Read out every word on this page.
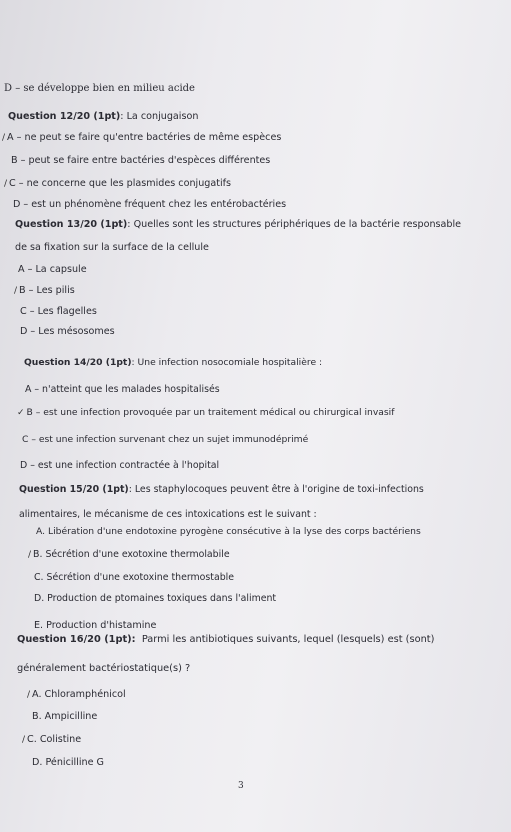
D – se développe bien en milieu acide
Question 12/20 (1pt): La conjugaison
/ A – ne peut se faire qu'entre bactéries de même espèces
B – peut se faire entre bactéries d'espèces différentes
/ C – ne concerne que les plasmides conjugatifs
D – est un phénomène fréquent chez les entérobactéries
Question 13/20 (1pt): Quelles sont les structures périphériques de la bactérie responsable
de sa fixation sur la surface de la cellule
A – La capsule
/ B – Les pilis
C – Les flagelles
D – Les mésosomes
Question 14/20 (1pt): Une infection nosocomiale hospitalière :
A – n'atteint que les malades hospitalisés
✓ B – est une infection provoquée par un traitement médical ou chirurgical invasif
C – est une infection survenant chez un sujet immunodéprimé
D – est une infection contractée à l'hopital
Question 15/20 (1pt): Les staphylocoques peuvent être à l'origine de toxi-infections
alimentaires, le mécanisme de ces intoxications est le suivant :
A. Libération d'une endotoxine pyrogène consécutive à la lyse des corps bactériens
/ B. Sécrétion d'une exotoxine thermolabile
C. Sécrétion d'une exotoxine thermostable
D. Production de ptomaines toxiques dans l'aliment
E. Production d'histamine
Question 16/20 (1pt): Parmi les antibiotiques suivants, lequel (lesquels) est (sont)
généralement bactériostatique(s) ?
/ A. Chloramphénicol
B. Ampicilline
/ C. Colistine
D. Pénicilline G
3
